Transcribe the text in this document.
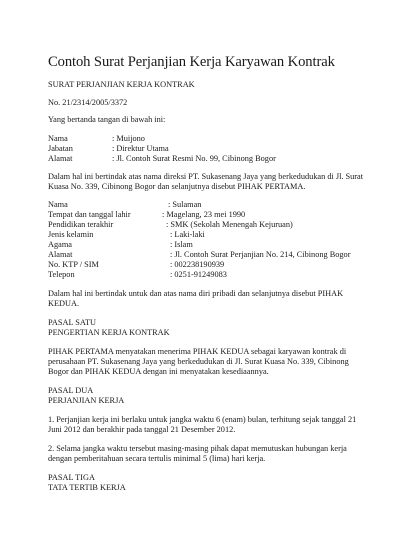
Contoh Surat Perjanjian Kerja Karyawan Kontrak
SURAT PERJANJIAN KERJA KONTRAK
No. 21/2314/2005/3372
Yang bertanda tangan di bawah ini:
Nama	: Muijono
Jabatan	: Direktur Utama
Alamat	: Jl. Contoh Surat Resmi No. 99, Cibinong Bogor
Dalam hal ini bertindak atas nama direksi PT. Sukasenang Jaya yang berkedudukan di Jl. Surat
Kuasa No. 339, Cibinong Bogor dan selanjutnya disebut PIHAK PERTAMA.
Nama	: Sulaman
Tempat dan tanggal lahir	: Magelang, 23 mei 1990
Pendidikan terakhir	: SMK (Sekolah Menengah Kejuruan)
Jenis kelamin	: Laki-laki
Agama	: Islam
Alamat	: Jl. Contoh Surat Perjanjian No. 214, Cibinong Bogor
No. KTP / SIM	: 002238190939
Telepon	: 0251-91249083
Dalam hal ini bertindak untuk dan atas nama diri pribadi dan selanjutnya disebut PIHAK
KEDUA.
PASAL SATU
PENGERTIAN KERJA KONTRAK
PIHAK PERTAMA menyatakan menerima PIHAK KEDUA sebagai karyawan kontrak di
perusahaan PT. Sukasenang Jaya yang berkedudukan di Jl. Surat Kuasa No. 339, Cibinong
Bogor dan PIHAK KEDUA dengan ini menyatakan kesediaannya.
PASAL DUA
PERJANJIAN KERJA
1. Perjanjian kerja ini berlaku untuk jangka waktu 6 (enam) bulan, terhitung sejak tanggal 21
Juni 2012 dan berakhir pada tanggal 21 Desember 2012.
2. Selama jangka waktu tersebut masing-masing pihak dapat memutuskan hubungan kerja
dengan pemberitahuan secara tertulis minimal 5 (lima) hari kerja.
PASAL TIGA
TATA TERTIB KERJA
